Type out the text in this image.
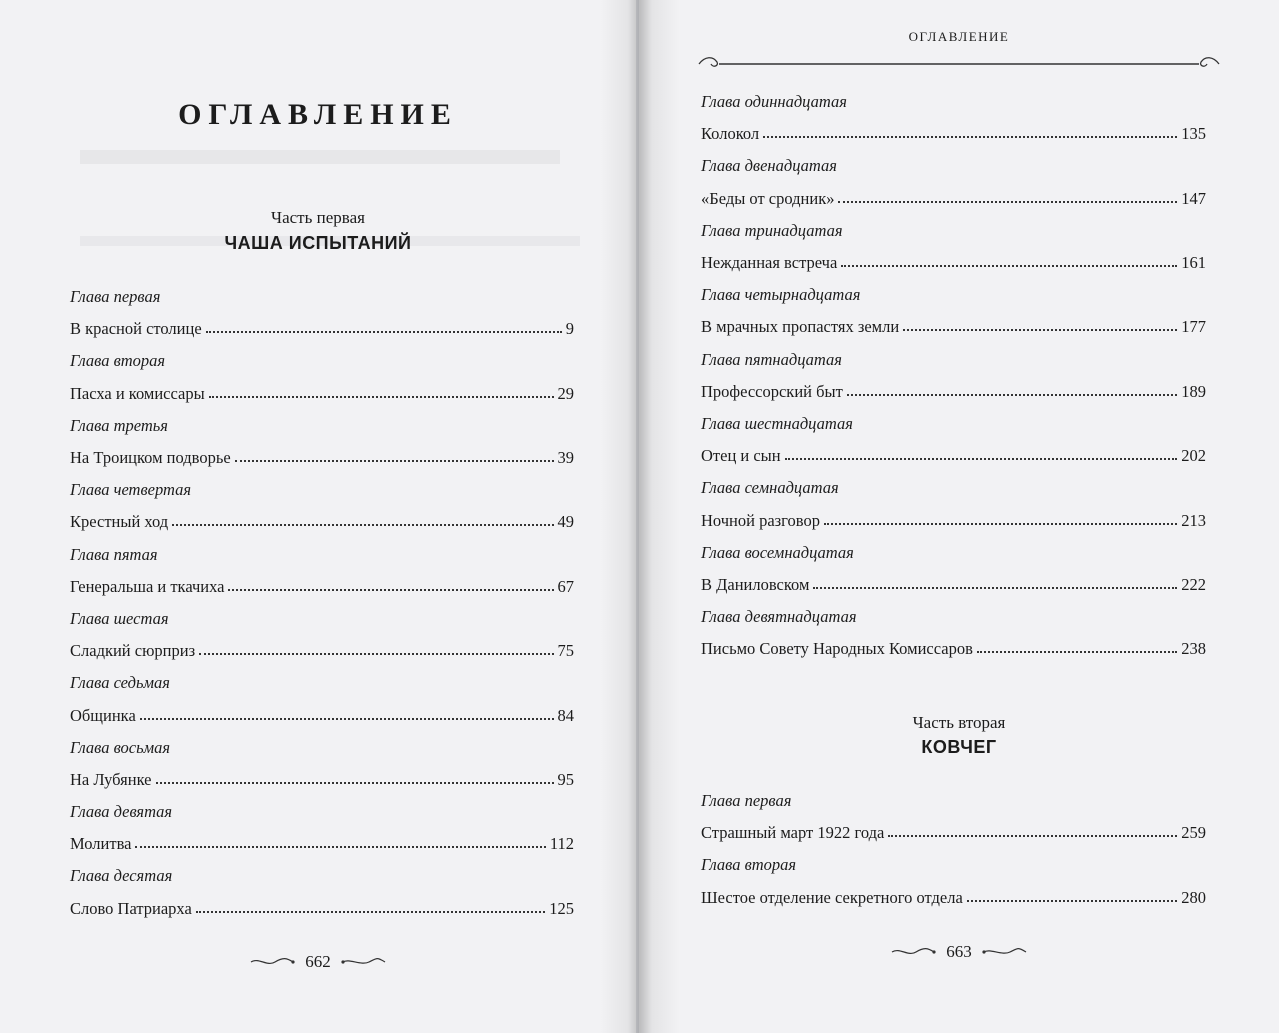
ОГЛАВЛЕНИЕ
Часть первая
ЧАША ИСПЫТАНИЙ
Глава первая
В красной столице	9
Глава вторая
Пасха и комиссары	29
Глава третья
На Троицком подворье	39
Глава четвертая
Крестный ход	49
Глава пятая
Генеральша и ткачиха	67
Глава шестая
Сладкий сюрприз	75
Глава седьмая
Общинка	84
Глава восьмая
На Лубянке	95
Глава девятая
Молитва	112
Глава десятая
Слово Патриарха	125
662
ОГЛАВЛЕНИЕ
Глава одиннадцатая
Колокол	135
Глава двенадцатая
«Беды от сродник»	147
Глава тринадцатая
Нежданная встреча	161
Глава четырнадцатая
В мрачных пропастях земли	177
Глава пятнадцатая
Профессорский быт	189
Глава шестнадцатая
Отец и сын	202
Глава семнадцатая
Ночной разговор	213
Глава восемнадцатая
В Даниловском	222
Глава девятнадцатая
Письмо Совету Народных Комиссаров	238
Часть вторая
КОВЧЕГ
Глава первая
Страшный март 1922 года	259
Глава вторая
Шестое отделение секретного отдела	280
663
